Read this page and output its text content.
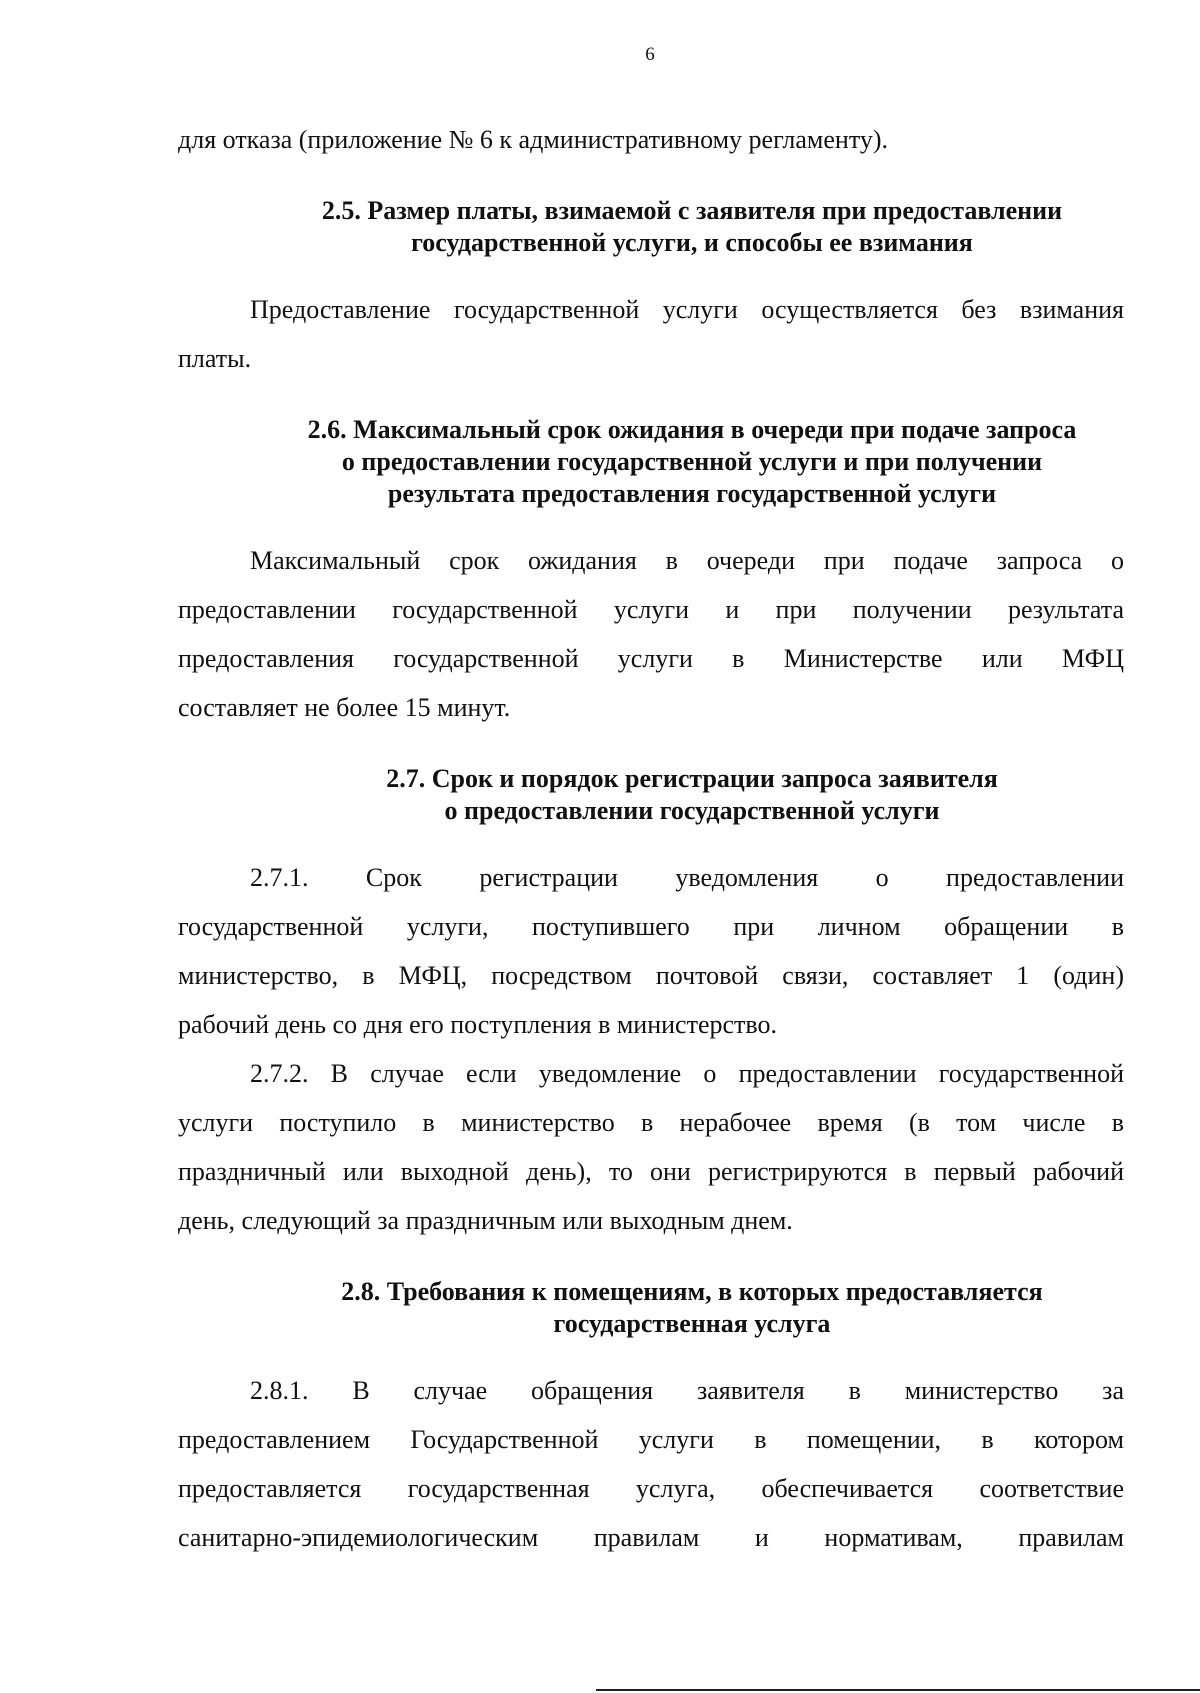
6

для отказа (приложение № 6 к административному регламенту).

2.5. Размер платы, взимаемой с заявителя при предоставлении
государственной услуги, и способы ее взимания
Предоставление государственной услуги осуществляется без взимания
платы.
2.6. Максимальный срок ожидания в очереди при подаче запроса
о предоставлении государственной услуги и при получении
результата предоставления государственной услуги
Максимальный срок ожидания в очереди при подаче запроса о
предоставлении государственной услуги и при получении результата
предоставления государственной услуги в Министерстве или МФЦ
составляет не более 15 минут.
2.7. Срок и порядок регистрации запроса заявителя
о предоставлении государственной услуги
2.7.1. Срок регистрации уведомления о предоставлении
государственной услуги, поступившего при личном обращении в
министерство, в МФЦ, посредством почтовой связи, составляет 1 (один)
рабочий день со дня его поступления в министерство.
2.7.2. В случае если уведомление о предоставлении государственной
услуги поступило в министерство в нерабочее время (в том числе в
праздничный или выходной день), то они регистрируются в первый рабочий
день, следующий за праздничным или выходным днем.
2.8. Требования к помещениям, в которых предоставляется
государственная услуга
2.8.1. В случае обращения заявителя в министерство за
предоставлением Государственной услуги в помещении, в котором
предоставляется государственная услуга, обеспечивается соответствие
санитарно-эпидемиологическим правилам и нормативам, правилам
